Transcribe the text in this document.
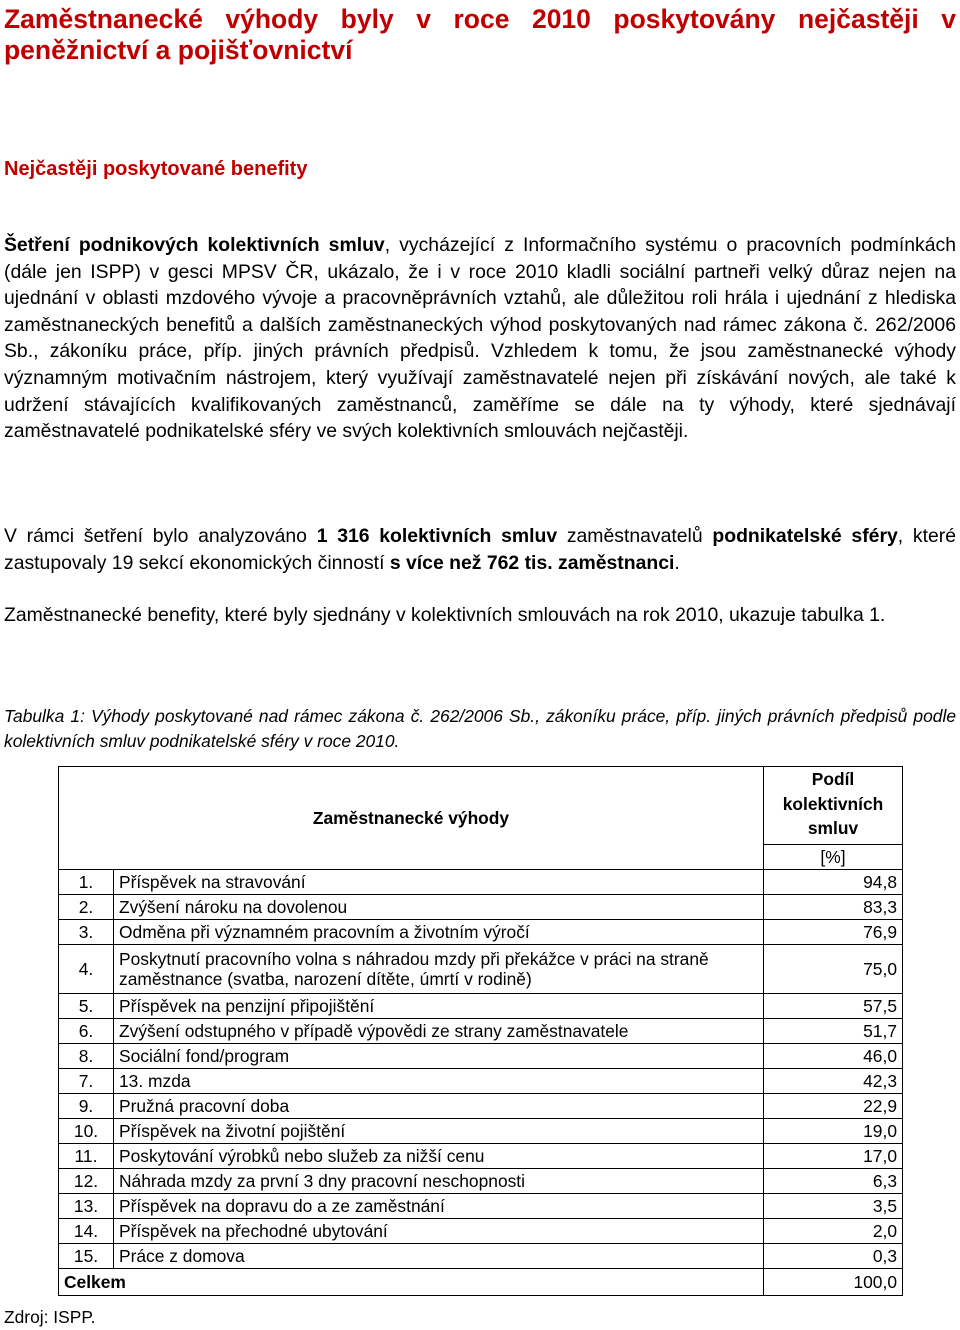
Zaměstnanecké výhody byly v roce 2010 poskytovány nejčastěji v peněžnictví a pojišťovnictví
Nejčastěji poskytované benefity

Šetření podnikových kolektivních smluv, vycházející z Informačního systému o pracovních podmínkách (dále jen ISPP) v gesci MPSV ČR, ukázalo, že i v roce 2010 kladli sociální partneři velký důraz nejen na ujednání v oblasti mzdového vývoje a pracovněprávních vztahů, ale důležitou roli hrála i ujednání z hlediska zaměstnaneckých benefitů a dalších zaměstnaneckých výhod poskytovaných nad rámec zákona č. 262/2006 Sb., zákoníku práce, příp. jiných právních předpisů. Vzhledem k tomu, že jsou zaměstnanecké výhody významným motivačním nástrojem, který využívají zaměstnavatelé nejen při získávání nových, ale také k udržení stávajících kvalifikovaných zaměstnanců, zaměříme se dále na ty výhody, které sjednávají zaměstnavatelé podnikatelské sféry ve svých kolektivních smlouvách nejčastěji.

V rámci šetření bylo analyzováno 1 316 kolektivních smluv zaměstnavatelů podnikatelské sféry, které zastupovaly 19 sekcí ekonomických činností s více než 762 tis. zaměstnanci.

Zaměstnanecké benefity, které byly sjednány v kolektivních smlouvách na rok 2010, ukazuje tabulka 1.

Tabulka 1: Výhody poskytované nad rámec zákona č. 262/2006 Sb., zákoníku práce, příp. jiných právních předpisů podle kolektivních smluv podnikatelské sféry v roce 2010.

Zaměstnanecké výhody		Podíl kolektivních smluv
		[%]
1.	Příspěvek na stravování	94,8
2.	Zvýšení nároku na dovolenou	83,3
3.	Odměna při významném pracovním a životním výročí	76,9
4.	Poskytnutí pracovního volna s náhradou mzdy při překážce v práci na straně zaměstnance (svatba, narození dítěte, úmrtí v rodině)	75,0
5.	Příspěvek na penzijní připojištění	57,5
6.	Zvýšení odstupného v případě výpovědi ze strany zaměstnavatele	51,7
8.	Sociální fond/program	46,0
7.	13. mzda	42,3
9.	Pružná pracovní doba	22,9
10.	Příspěvek na životní pojištění	19,0
11.	Poskytování výrobků nebo služeb za nižší cenu	17,0
12.	Náhrada mzdy za první 3 dny pracovní neschopnosti	6,3
13.	Příspěvek na dopravu do a ze zaměstnání	3,5
14.	Příspěvek na přechodné ubytování	2,0
15.	Práce z domova	0,3
Celkem		100,0

Zdroj: ISPP.
